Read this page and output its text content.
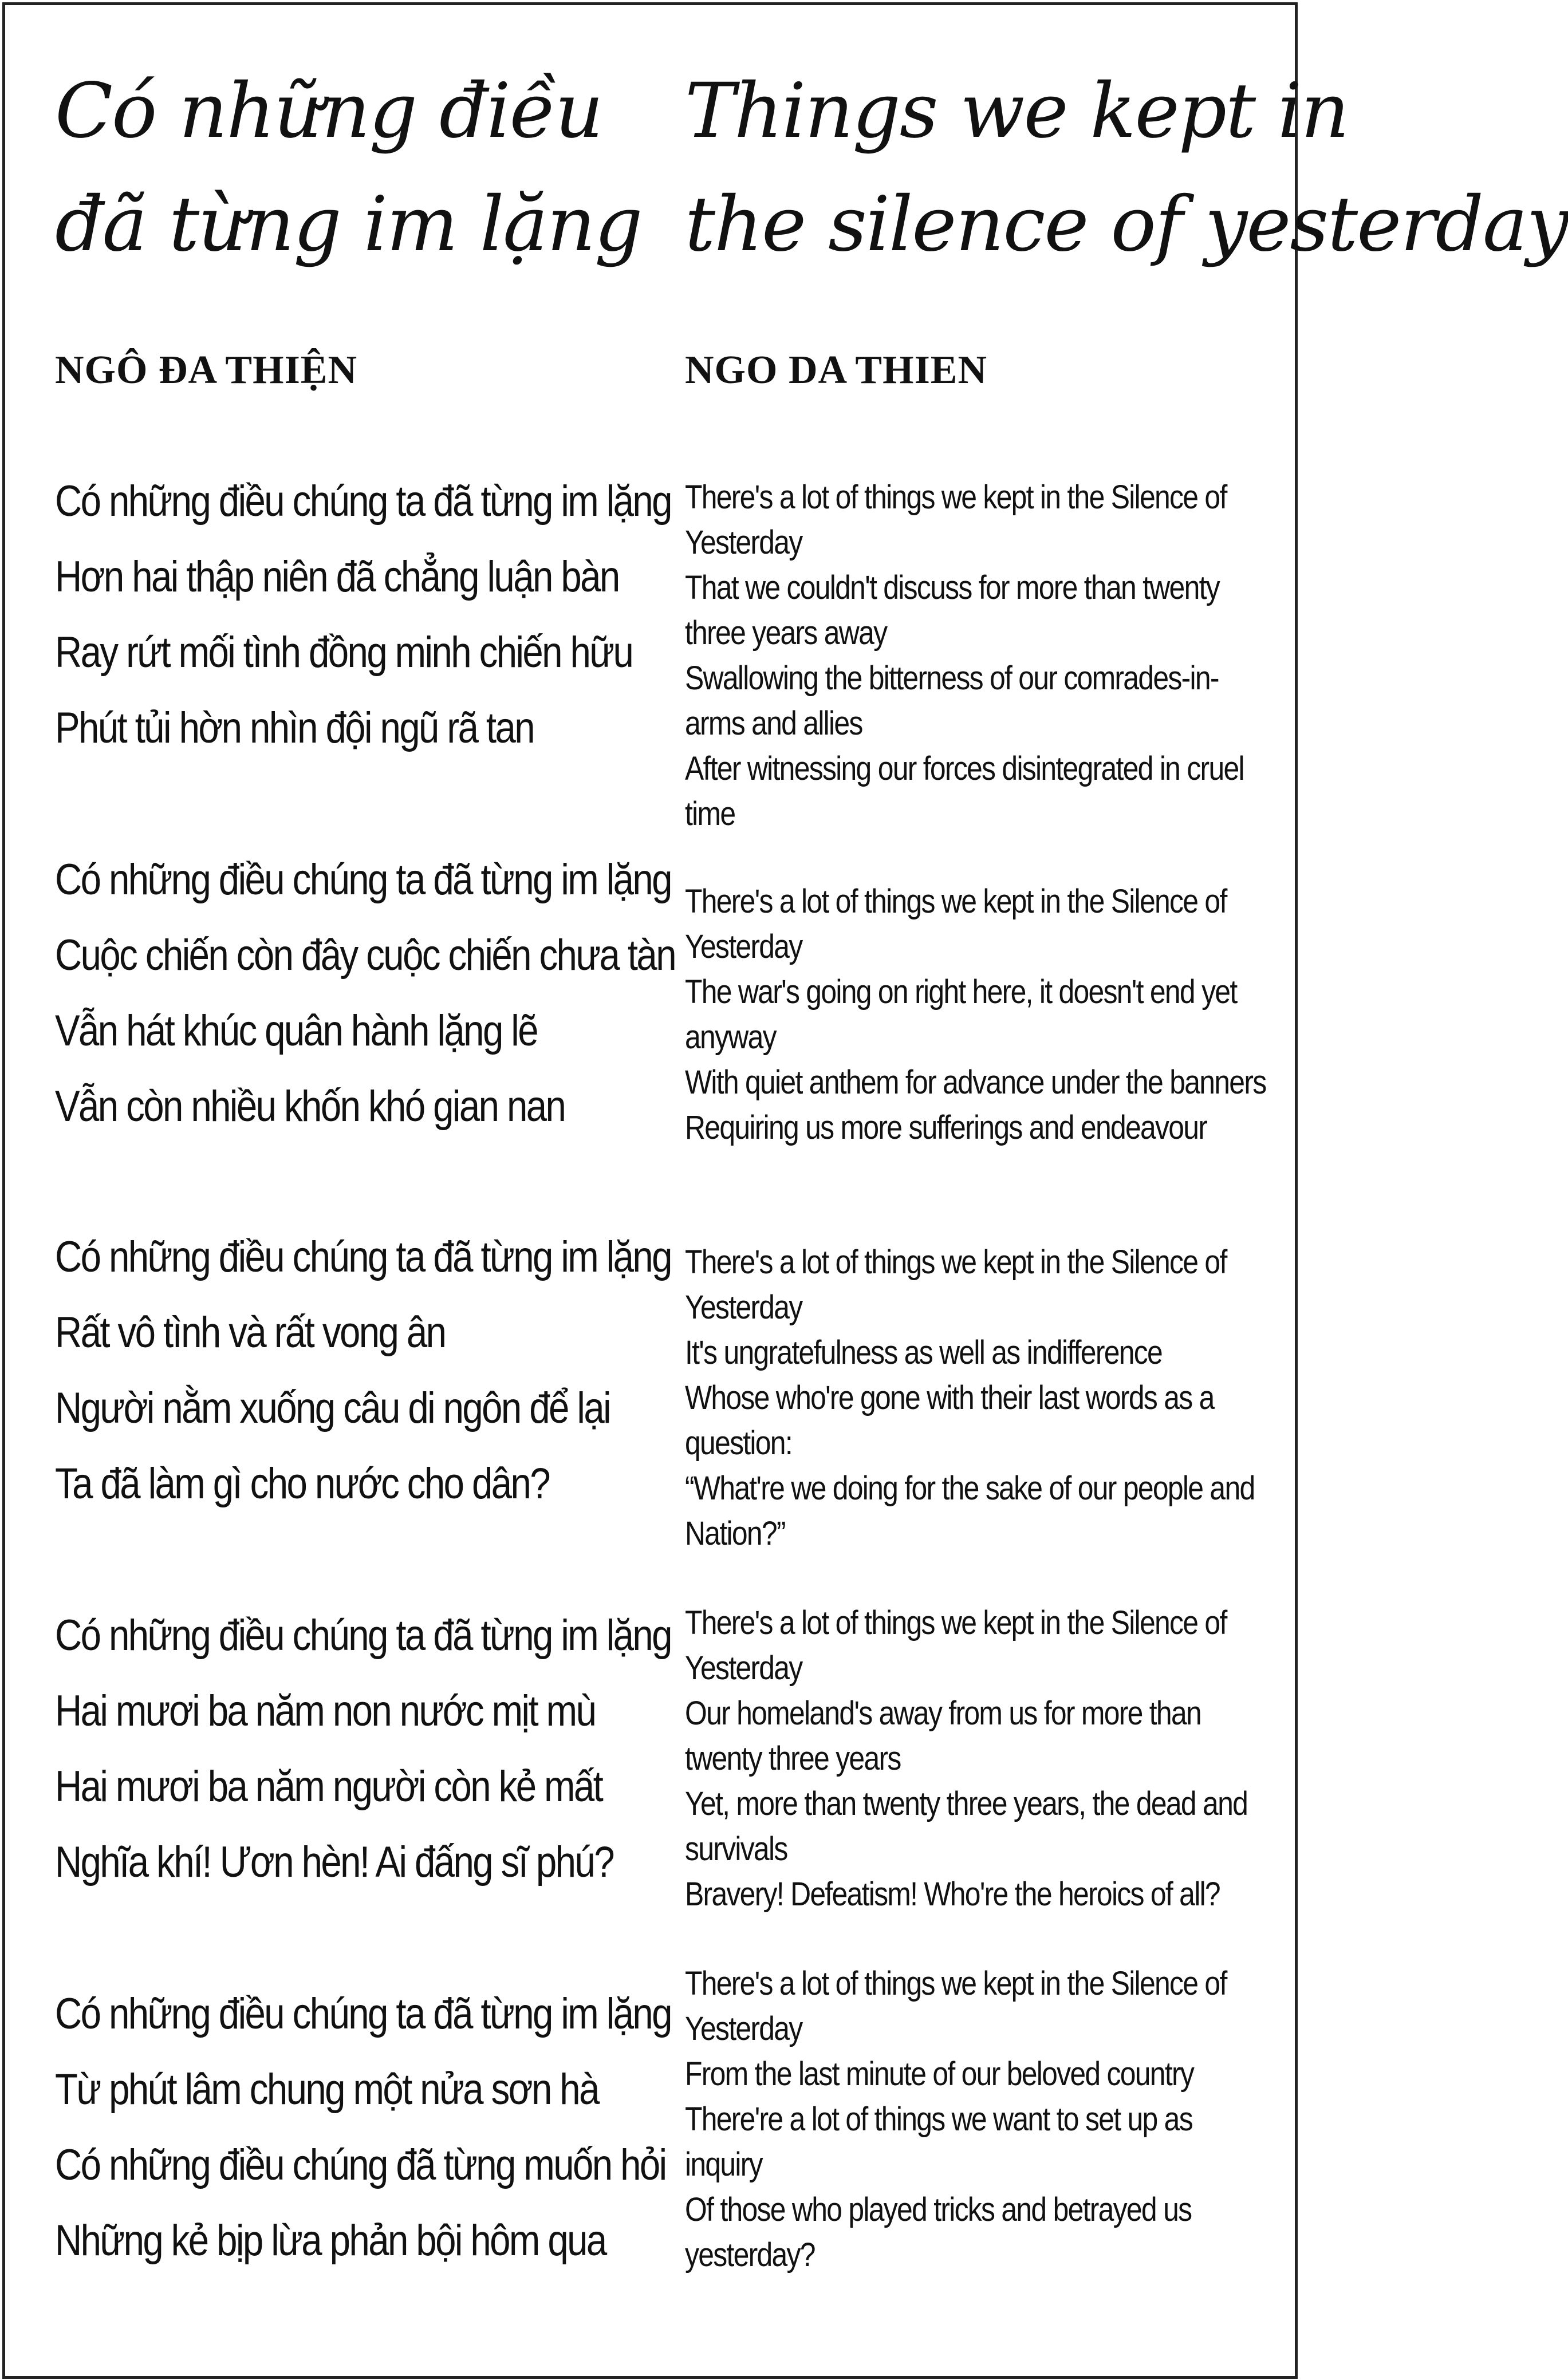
Có những điều
đã từng im lặng
NGÔ ĐA THIỆN
Có những điều chúng ta đã từng im lặng
Hơn hai thập niên đã chẳng luận bàn
Ray rứt mối tình đồng minh chiến hữu
Phút tủi hờn nhìn đội ngũ rã tan
Có những điều chúng ta đã từng im lặng
Cuộc chiến còn đây cuộc chiến chưa tàn
Vẫn hát khúc quân hành lặng lẽ
Vẫn còn nhiều khốn khó gian nan
Có những điều chúng ta đã từng im lặng
Rất vô tình và rất vong ân
Người nằm xuống câu di ngôn để lại
Ta đã làm gì cho nước cho dân?
Có những điều chúng ta đã từng im lặng
Hai mươi ba năm non nước mịt mù
Hai mươi ba năm người còn kẻ mất
Nghĩa khí! Ươn hèn! Ai đấng sĩ phú?
Có những điều chúng ta đã từng im lặng
Từ phút lâm chung một nửa sơn hà
Có những điều chúng đã từng muốn hỏi
Những kẻ bịp lừa phản bội hôm qua
Things we kept in
the silence of yesterday
NGO DA THIEN
There's a lot of things we kept in the Silence of Yesterday
That we couldn't discuss for more than twenty three years away
Swallowing the bitterness of our comrades-in-arms and allies
After witnessing our forces disintegrated in cruel time
There's a lot of things we kept in the Silence of Yesterday
The war's going on right here, it doesn't end yet anyway
With quiet anthem for advance under the banners
Requiring us more sufferings and endeavour
There's a lot of things we kept in the Silence of Yesterday
It's ungratefulness as well as indifference
Whose who're gone with their last words as a question:
“What're we doing for the sake of our people and Nation?”
There's a lot of things we kept in the Silence of Yesterday
Our homeland's away from us for more than twenty three years
Yet, more than twenty three years, the dead and survivals
Bravery! Defeatism! Who're the heroics of all?
There's a lot of things we kept in the Silence of Yesterday
From the last minute of our beloved country
There're a lot of things we want to set up as inquiry
Of those who played tricks and betrayed us yesterday?
